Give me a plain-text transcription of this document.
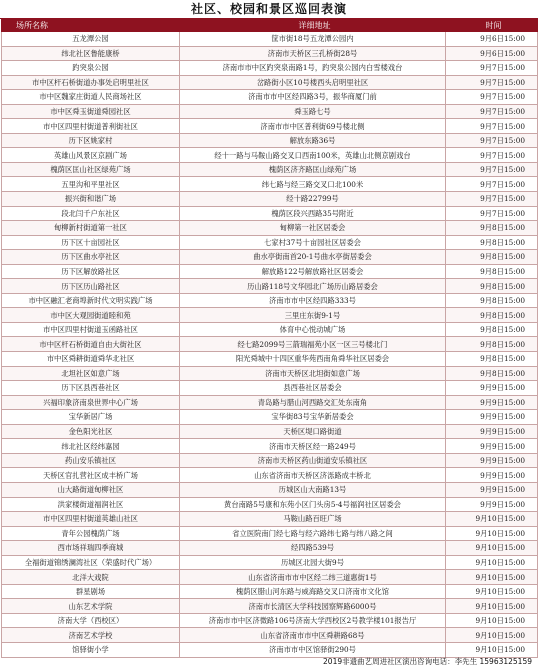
社区、校园和景区巡回表演
场所名称	详细地址	时间
五龙潭公园	筐市街18号五龙潭公园内	9月6日15:00
纬北社区鲁能康桥	济南市天桥区三孔桥街28号	9月6日15:00
趵突泉公园	济南市市中区趵突泉南路1号，趵突泉公园内白雪楼戏台	9月7日15:00
市中区杆石桥街道办事处启明里社区	岔路街小区10号楼西头启明里社区	9月7日15:00
市中区魏家庄街道人民商场社区	济南市市中区经四路3号，振华商厦门前	9月7日15:00
市中区舜玉街道舜园社区	舜玉路七号	9月7日15:00
市中区四里村街道普利街社区	济南市市中区普利街69号楼北侧	9月7日15:00
历下区姚家村	解放东路36号	9月7日15:00
英雄山风景区京剧广场	经十一路与马鞍山路交叉口西南100米，英雄山北侧京剧戏台	9月7日15:00
槐荫区匡山社区绿苑广场	槐荫区济齐路匡山绿苑广场	9月7日15:00
五里沟和平里社区	纬七路与经三路交叉口北100米	9月7日15:00
振兴街和谐广场	经十路22799号	9月7日15:00
段北闫千户东社区	槐荫区段兴西路35号附近	9月7日15:00
甸柳新村街道第一社区	甸柳第一社区居委会	9月8日15:00
历下区十亩园社区	七家村37号十亩园社区居委会	9月8日15:00
历下区曲水亭社区	曲水亭街南首20-1号曲水亭街居委会	9月8日15:00
历下区解放路社区	解放路122号解放路社区居委会	9月8日15:00
历下区历山路社区	历山路118号文华园北广场历山路居委会	9月8日15:00
市中区融汇老商埠新时代文明实践广场	济南市市中区经四路333号	9月8日15:00
市中区大观园街道睦和苑	三里庄东街9-1号	9月8日15:00
市中区四里村街道玉函路社区	体育中心悦动城广场	9月8日15:00
市中区杆石桥街道自由大街社区	经七路2099号三箭瑞福苑小区一区三号楼北门	9月8日15:00
市中区舜耕街道舜华北社区	阳光舜城中十四区重华苑西南角舜华社区居委会	9月8日15:00
北坦社区如意广场	济南市天桥区北坦街如意广场	9月8日15:00
历下区县西巷社区	县西巷社区居委会	9月9日15:00
兴福印象济南泉世界中心广场	青岛路与腊山河西路交汇处东南角	9月9日15:00
宝华新居广场	宝华街83号宝华新居委会	9月9日15:00
金色阳光社区	天桥区堤口路街道	9月9日15:00
纬北社区经纬嘉园	济南市天桥区经一路249号	9月9日15:00
药山安乐镇社区	济南市天桥区药山街道安乐镇社区	9月9日15:00
天桥区官扎营社区成丰桥广场	山东省济南市天桥区济泺路成丰桥北	9月9日15:00
山大路街道甸柳社区	历城区山大南路13号	9月9日15:00
洪家楼街道福润社区	黄台南路5号康和东苑小区门头房5-4号福润社区居委会	9月9日15:00
市中区四里村街道英雄山社区	马鞍山路百旺广场	9月10日15:00
青年公园槐荫广场	省立医院南门经七路与经六路纬七路与纬八路之间	9月10日15:00
西市场祥瑞四季商城	经四路539号	9月10日15:00
全福街道锦绣澜湾社区（荣盛时代广场）	历城区北园大街9号	9月10日15:00
北洋大戏院	山东省济南市市中区经二纬三道惠街1号	9月10日15:00
群星剧场	槐荫区腊山河东路与威海路交叉口济南市文化馆	9月10日15:00
山东艺术学院	济南市长清区大学科技园察辉路6000号	9月10日15:00
济南大学（西校区）	济南市市中区济微路106号济南大学西校区2号教学楼101报告厅	9月10日15:00
济南艺术学校	山东省济南市市中区舜耕路68号	9月10日15:00
馆驿街小学	济南市市中区馆驿街290号	9月10日15:00
2019非遗曲艺周进社区演出咨询电话：李先生 15963125159
